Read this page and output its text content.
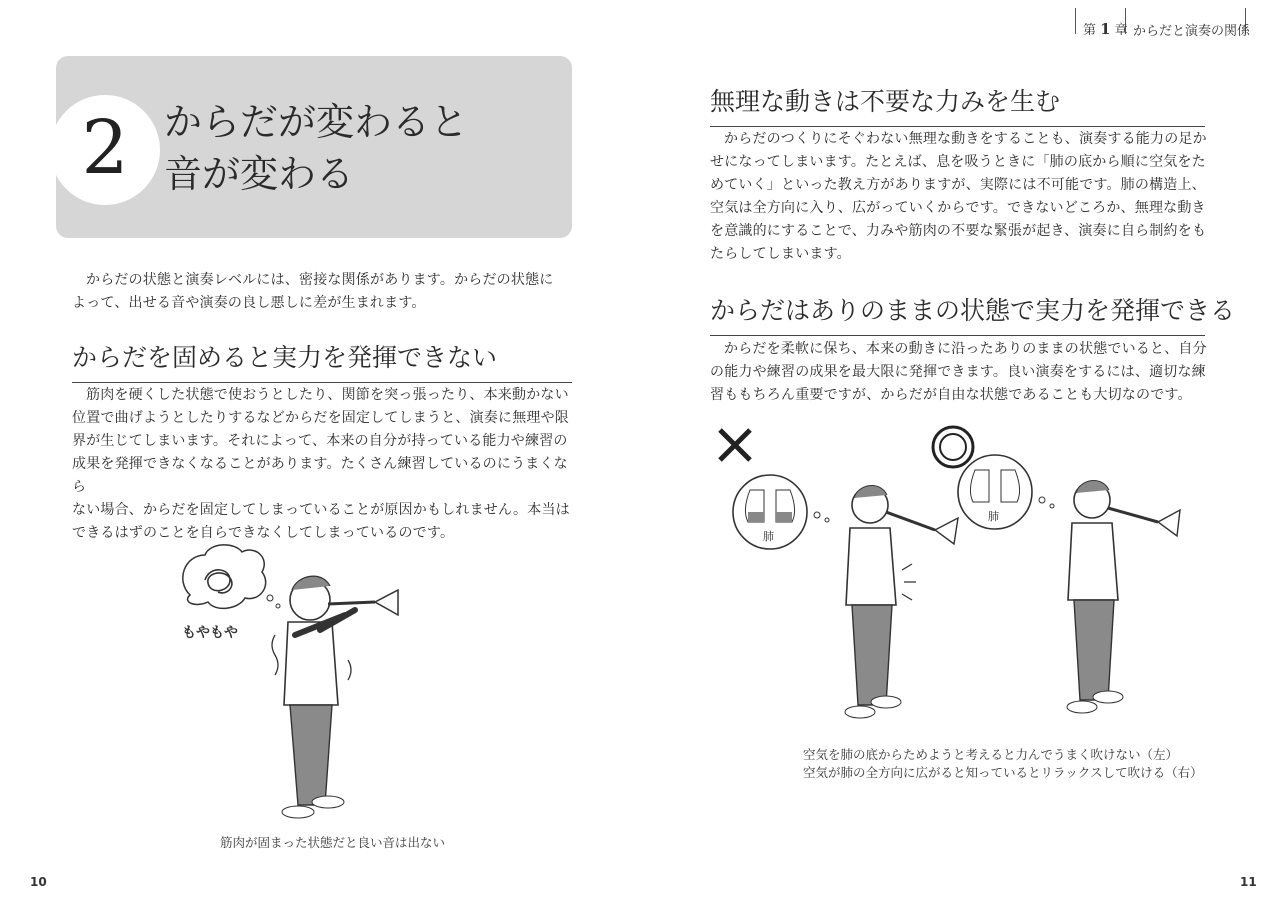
2 からだが変わると
音が変わる
からだの状態と演奏レベルには、密接な関係があります。からだの状態に
よって、出せる音や演奏の良し悪しに差が生まれます。
からだを固めると実力を発揮できない
筋肉を硬くした状態で使おうとしたり、関節を突っ張ったり、本来動かない
位置で曲げようとしたりするなどからだを固定してしまうと、演奏に無理や限
界が生じてしまいます。それによって、本来の自分が持っている能力や練習の
成果を発揮できなくなることがあります。たくさん練習しているのにうまくなら
ない場合、からだを固定してしまっていることが原因かもしれません。本当は
できるはずのことを自らできなくしてしまっているのです。
もやもや
筋肉が固まった状態だと良い音は出ない
10
第 1 章 からだと演奏の関係
無理な動きは不要な力みを生む
からだのつくりにそぐわない無理な動きをすることも、演奏する能力の足か
せになってしまいます。たとえば、息を吸うときに「肺の底から順に空気をた
めていく」といった教え方がありますが、実際には不可能です。肺の構造上、
空気は全方向に入り、広がっていくからです。できないどころか、無理な動き
を意識的にすることで、力みや筋肉の不要な緊張が起き、演奏に自ら制約をも
たらしてしまいます。
からだはありのままの状態で実力を発揮できる
からだを柔軟に保ち、本来の動きに沿ったありのままの状態でいると、自分
の能力や練習の成果を最大限に発揮できます。良い演奏をするには、適切な練
習ももちろん重要ですが、からだが自由な状態であることも大切なのです。
肺
肺
空気を肺の底からためようと考えると力んでうまく吹けない（左）
空気が肺の全方向に広がると知っているとリラックスして吹ける（右）
11
